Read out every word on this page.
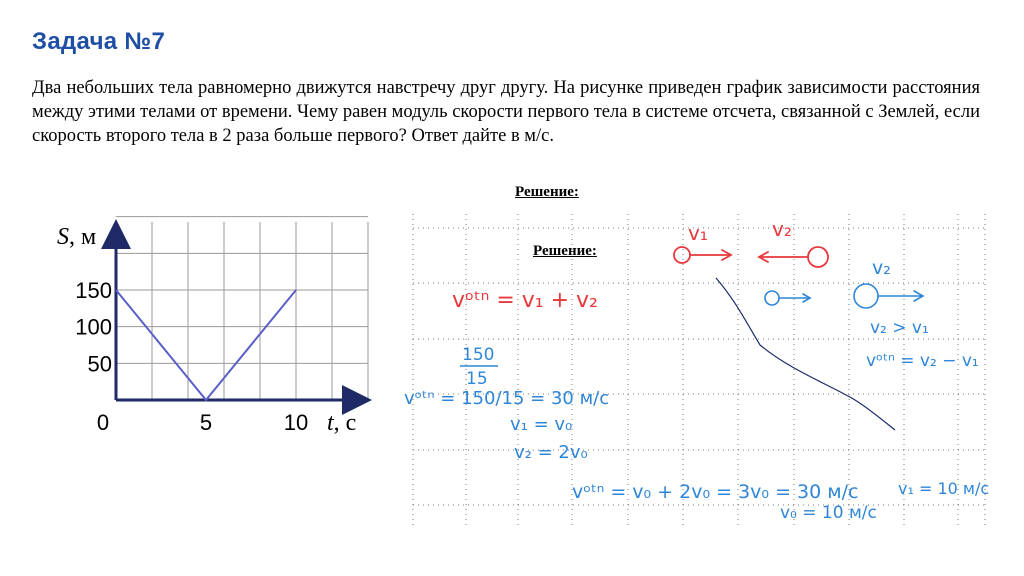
Задача №7
Два небольших тела равномерно движутся навстречу друг другу. На рисунке приведен график зависимости расстояния между этими телами от времени. Чему равен модуль скорости первого тела в системе отсчета, связанной с Землей, если скорость второго тела в 2 раза больше первого? Ответ дайте в м/с.
Решение:
Решение:
150
100
50
0	5	10
S, м
t, с
v₁	v₂
vᵒᵗⁿ = v₁ + v₂
v₂
v₂ > v₁
vᵒᵗⁿ = v₂ − v₁
150
15
vᵒᵗⁿ = 150/15 = 30 м/с
v₁ = v₀
v₂ = 2v₀
vᵒᵗⁿ = v₀ + 2v₀ = 3v₀ = 30 м/с
v₀ = 10 м/с
v₁ = 10 м/с
